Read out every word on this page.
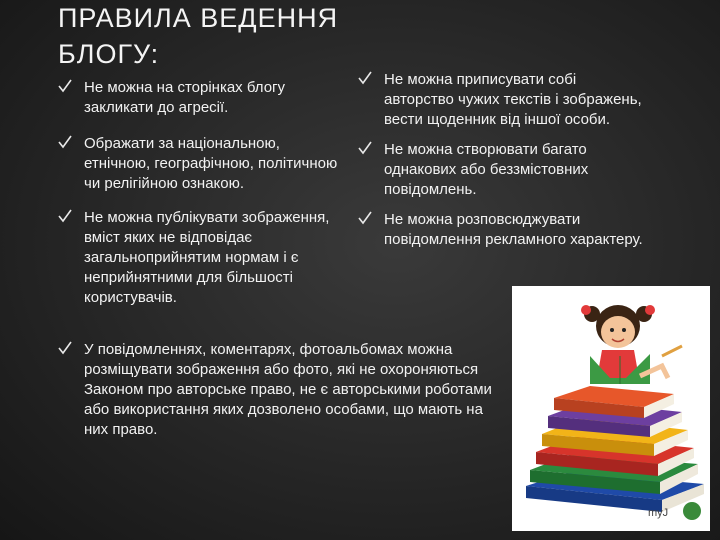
ПРАВИЛА ВЕДЕННЯ БЛОГУ:
Не можна на сторінках блогу закликати до агресії.
Ображати за національною, етнічною, географічною, політичною чи релігійною ознакою.
Не можна публікувати зображення, вміст яких не відповідає загальноприйнятим нормам і є неприйнятними для більшості користувачів.
Не можна приписувати собі авторство чужих текстів і зображень, вести щоденник від іншої особи.
Не можна створювати багато однакових або беззмістовних повідомлень.
Не можна розповсюджувати повідомлення рекламного характеру.
У повідомленнях, коментарях, фотоальбомах можна розміщувати зображення або фото, які не охороняються Законом про авторське право, не є авторськими роботами або використання яких дозволено особами, що мають на них право.
myJ
